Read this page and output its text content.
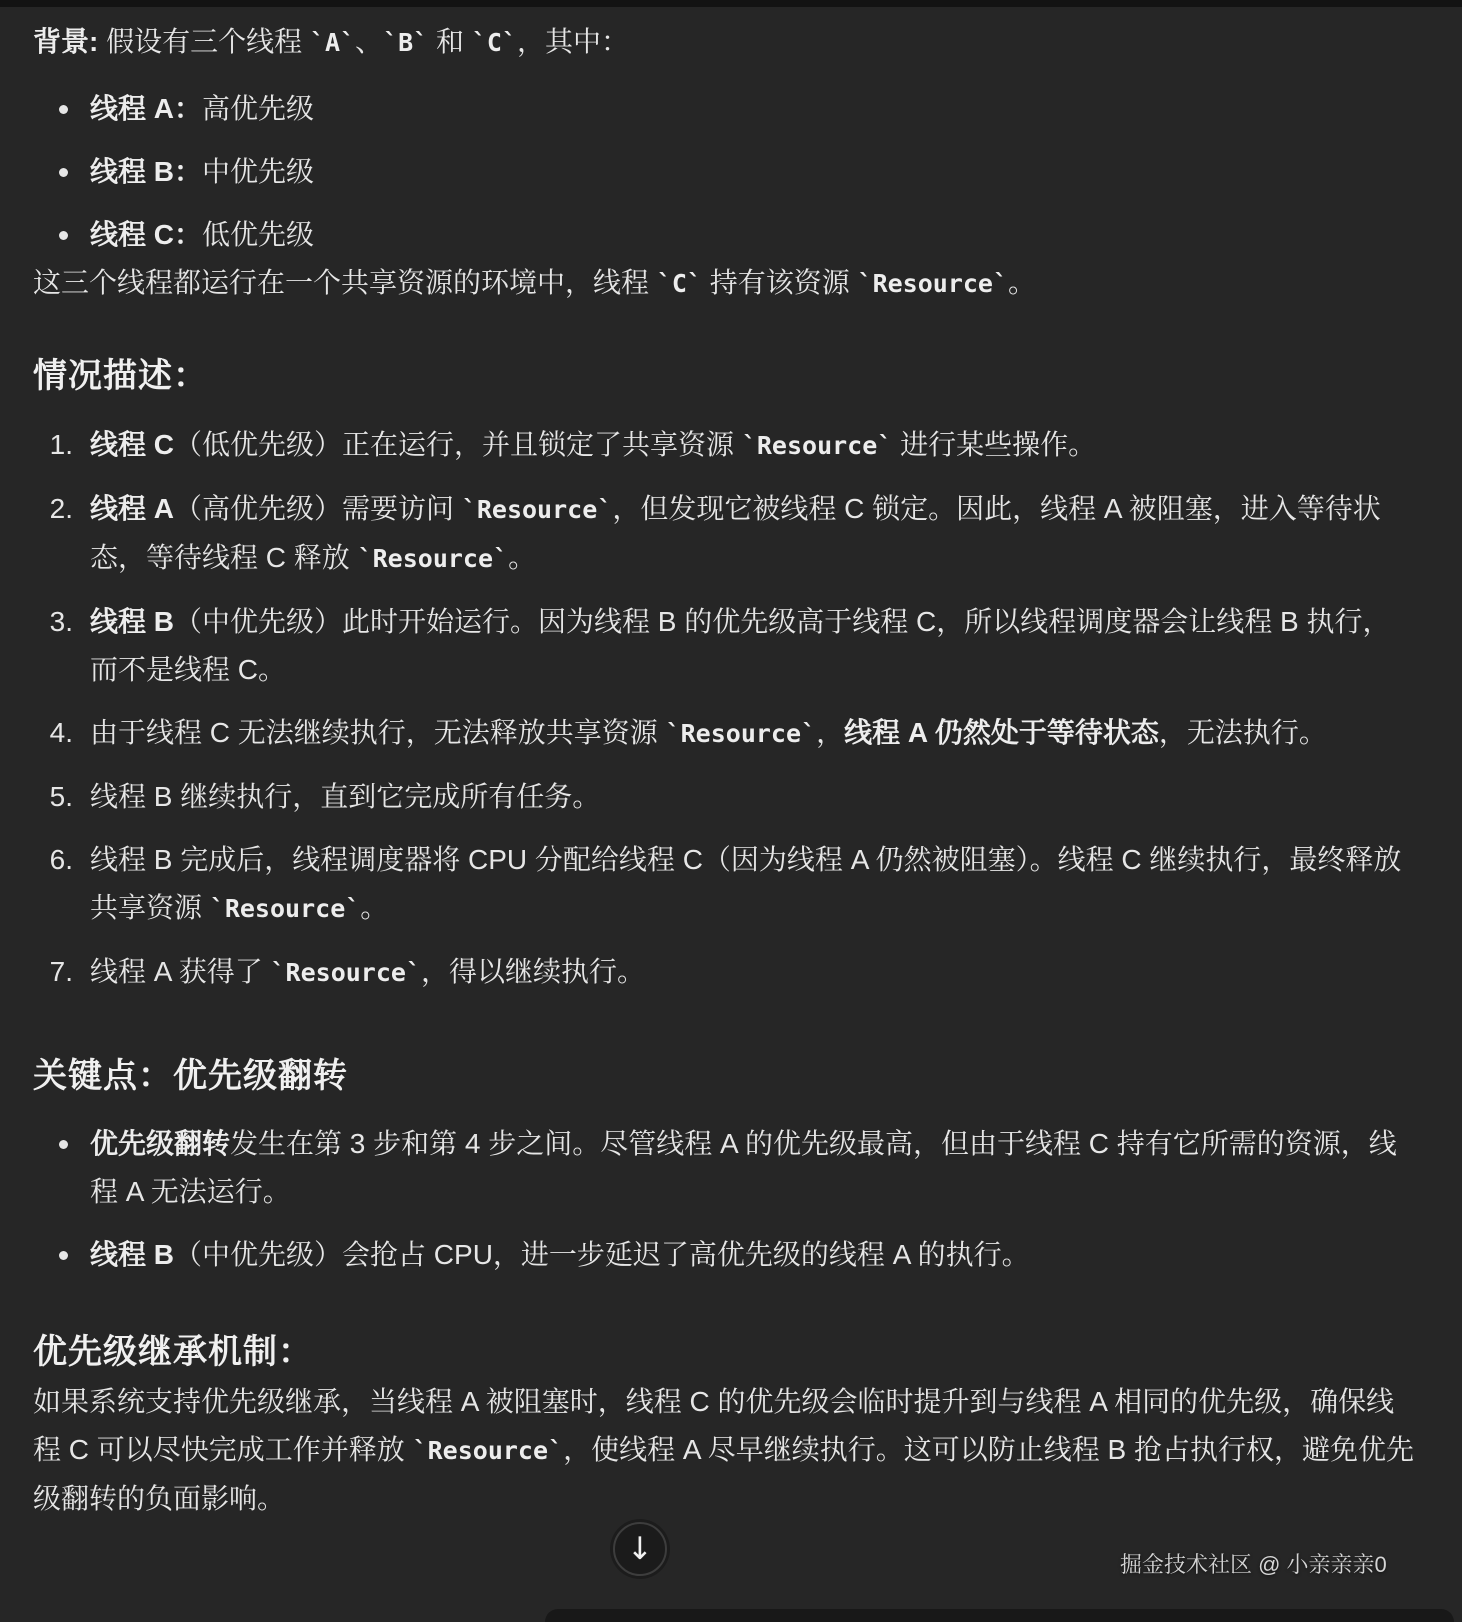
背景: 假设有三个线程 `A`、`B` 和 `C`，其中：

线程 A：高优先级
线程 B：中优先级
线程 C：低优先级

这三个线程都运行在一个共享资源的环境中，线程 `C` 持有该资源 `Resource`。

情况描述：
1. 线程 C（低优先级）正在运行，并且锁定了共享资源 `Resource` 进行某些操作。
2. 线程 A（高优先级）需要访问 `Resource`，但发现它被线程 C 锁定。因此，线程 A 被阻塞，进入等待状态，等待线程 C 释放 `Resource`。
3. 线程 B（中优先级）此时开始运行。因为线程 B 的优先级高于线程 C，所以线程调度器会让线程 B 执行，而不是线程 C。
4. 由于线程 C 无法继续执行，无法释放共享资源 `Resource`，线程 A 仍然处于等待状态，无法执行。
5. 线程 B 继续执行，直到它完成所有任务。
6. 线程 B 完成后，线程调度器将 CPU 分配给线程 C（因为线程 A 仍然被阻塞）。线程 C 继续执行，最终释放共享资源 `Resource`。
7. 线程 A 获得了 `Resource`，得以继续执行。
关键点：优先级翻转
优先级翻转发生在第 3 步和第 4 步之间。尽管线程 A 的优先级最高，但由于线程 C 持有它所需的资源，线程 A 无法运行。
线程 B（中优先级）会抢占 CPU，进一步延迟了高优先级的线程 A 的执行。
优先级继承机制：

如果系统支持优先级继承，当线程 A 被阻塞时，线程 C 的优先级会临时提升到与线程 A 相同的优先级，确保线程 C 可以尽快完成工作并释放 `Resource`，使线程 A 尽早继续执行。这可以防止线程 B 抢占执行权，避免优先级翻转的负面影响。

↓	掘金技术社区 @ 小亲亲亲0
